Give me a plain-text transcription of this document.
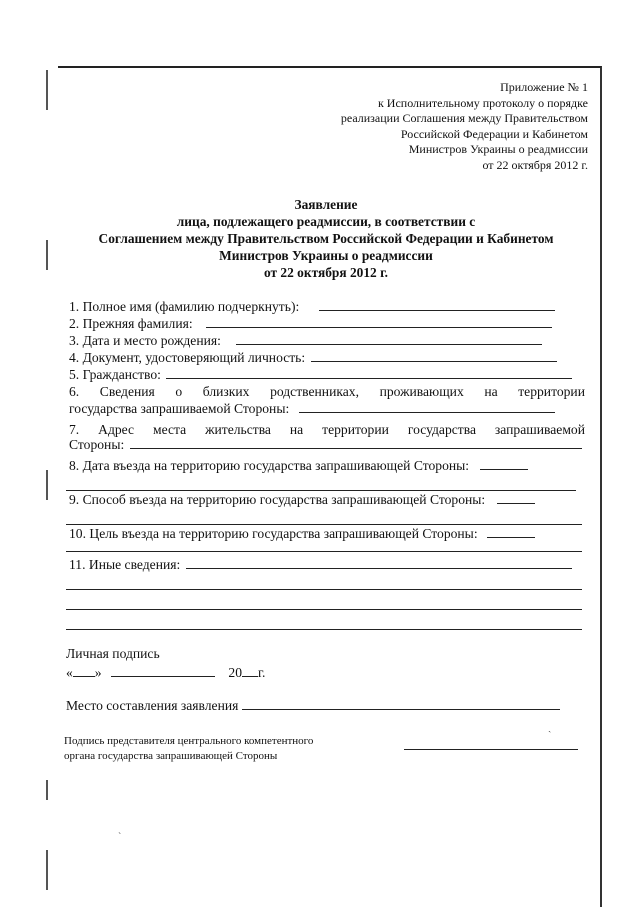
Приложение № 1
к Исполнительному протоколу о порядке
реализации Соглашения между Правительством
Российской Федерации и Кабинетом
Министров Украины о реадмиссии
от 22 октября 2012 г.
Заявление
лица, подлежащего реадмиссии, в соответствии с
Соглашением между Правительством Российской Федерации и Кабинетом
Министров Украины о реадмиссии
от 22 октября 2012 г.
1. Полное имя (фамилию подчеркнуть):
2. Прежняя фамилия:
3. Дата и место рождения:
4. Документ, удостоверяющий личность:
5. Гражданство:
6. Сведения о близких родственниках, проживающих на территории
государства запрашиваемой Стороны:
7. Адрес места жительства на территории государства запрашиваемой
Стороны:
8. Дата въезда на территорию государства запрашивающей Стороны:
9. Способ въезда на территорию государства запрашивающей Стороны:
10. Цель въезда на территорию государства запрашивающей Стороны:
11. Иные сведения:
Личная подпись
« »	20 г.
Место составления заявления
Подпись представителя центрального компетентного
органа государства запрашивающей Стороны
ˎ
`
